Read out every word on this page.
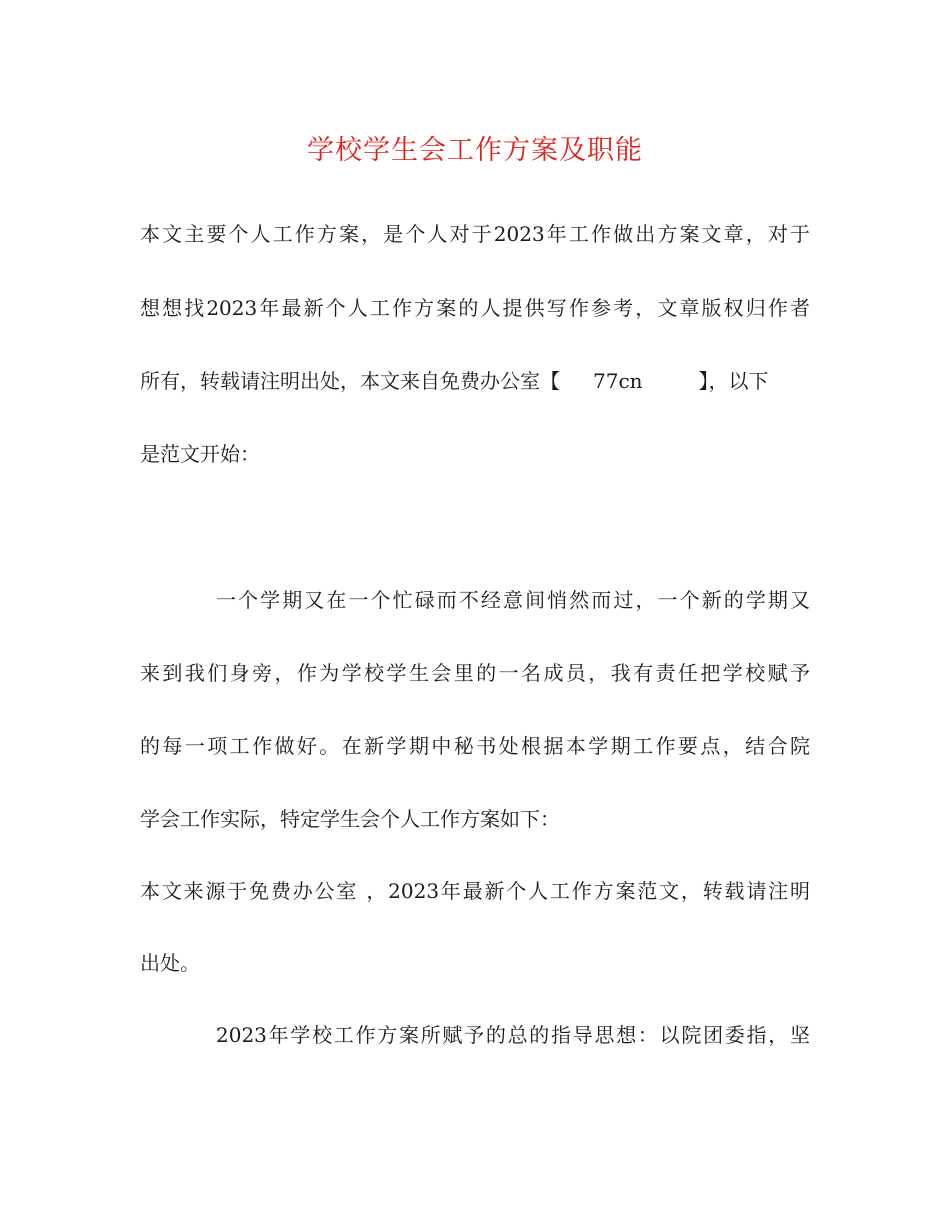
学校学生会工作方案及职能

本文主要个人工作方案，是个人对于2023年工作做出方案文章，对于

想想找2023年最新个人工作方案的人提供写作参考，文章版权归作者

所有，转载请注明出处，本文来自免费办公室【 77cn	】，以下

是范文开始：

一个学期又在一个忙碌而不经意间悄然而过，一个新的学期又

来到我们身旁，作为学校学生会里的一名成员，我有责任把学校赋予

的每一项工作做好。在新学期中秘书处根据本学期工作要点，结合院

学会工作实际，特定学生会个人工作方案如下：

本文来源于免费办公室 ，2023年最新个人工作方案范文，转载请注明

出处。

2023年学校工作方案所赋予的总的指导思想：以院团委指，坚
